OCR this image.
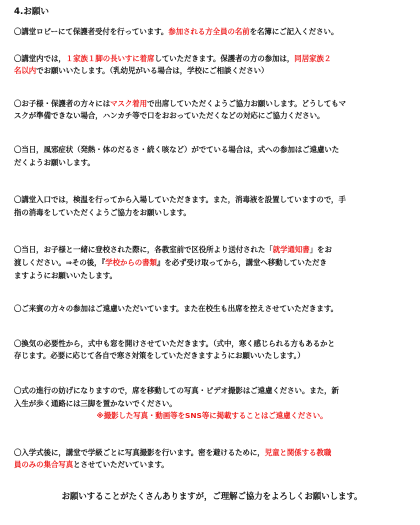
4.お願い
〇講堂ロビーにて保護者受付を行っています。参加される方全員の名前を名簿にご記入ください。
〇講堂内では，１家族１脚の長いすに着席していただきます。保護者の方の参加は，同居家族２
名以内でお願いいたします。（乳幼児がいる場合は，学校にご相談ください）
〇お子様・保護者の方々にはマスク着用で出席していただくようご協力お願いします。どうしてもマ
スクが準備できない場合，ハンカチ等で口をおおっていただくなどの対応にご協力ください。
〇当日，風邪症状（発熱・体のだるさ・続く咳など）がでている場合は，式への参加はご遠慮いた
だくようお願いします。
〇講堂入口では，検温を行ってから入場していただきます。また，消毒液を設置していますので，手
指の消毒をしていただくようご協力をお願いします。
〇当日，お子様と一緒に登校された際に，各教室前で区役所より送付された「就学通知書」をお
渡しください。⇒その後，『学校からの書類』を必ず受け取ってから，講堂へ移動していただき
ますようにお願いいたします。
〇ご来賓の方々の参加はご遠慮いただいています。また在校生も出席を控えさせていただきます。
〇換気の必要性から，式中も窓を開けさせていただきます。（式中，寒く感じられる方もあるかと
存じます。必要に応じて各自で寒さ対策をしていただきますようにお願いいたします。）
〇式の進行の妨げになりますので，席を移動しての写真・ビデオ撮影はご遠慮ください。また，新
入生が歩く通路には三脚を置かないでください。
※撮影した写真・動画等をSNS等に掲載することはご遠慮ください。
〇入学式後に，講堂で学級ごとに写真撮影を行います。密を避けるために，児童と関係する教職
員のみの集合写真とさせていただいています。
お願いすることがたくさんありますが，ご理解ご協力をよろしくお願いします。
